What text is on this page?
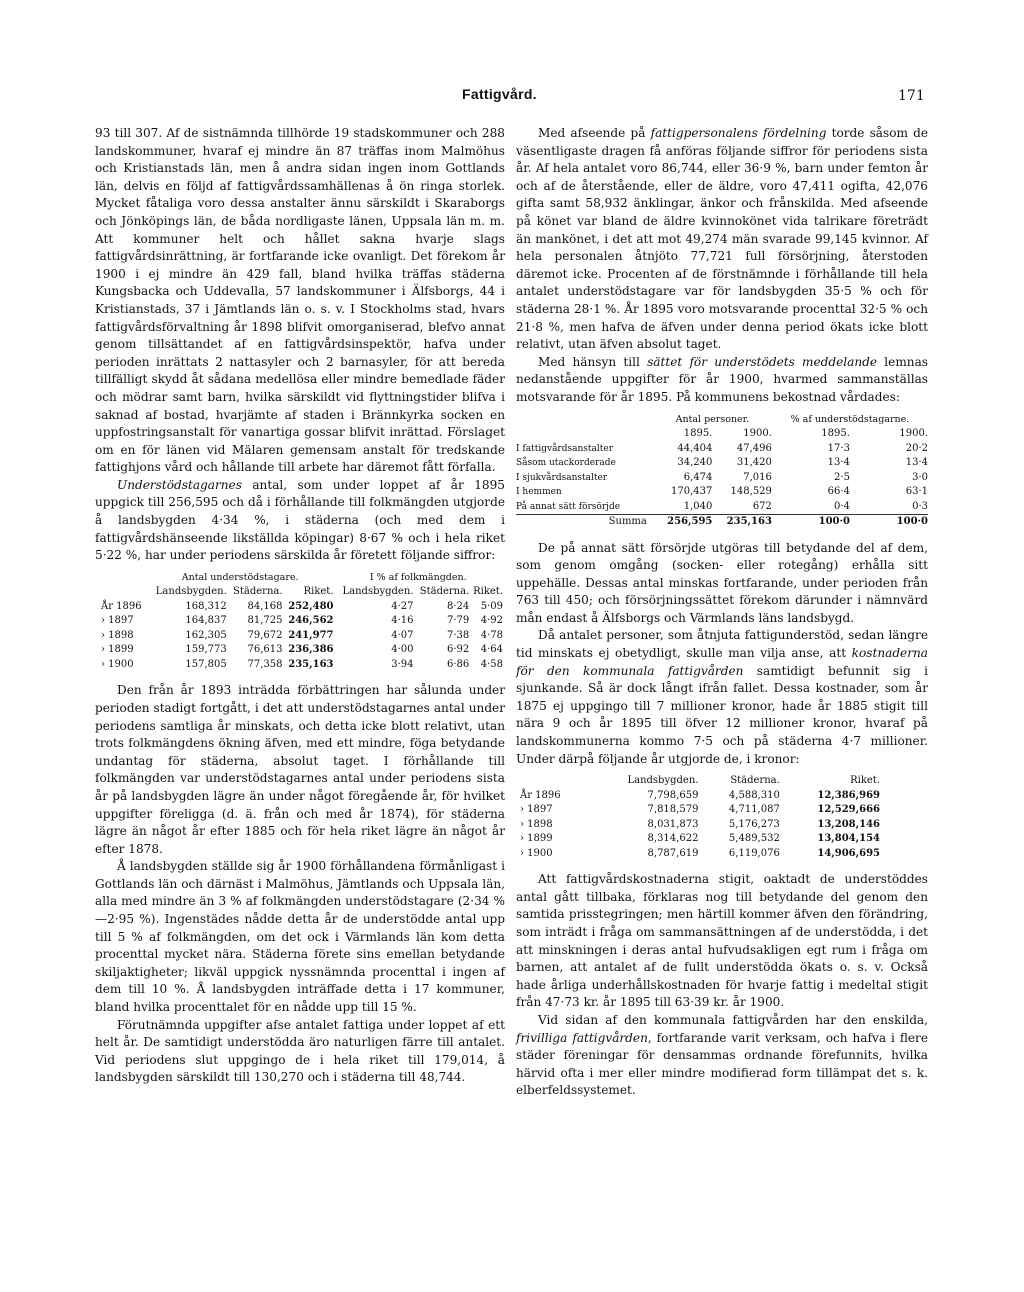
Fattigvård.	171

93 till 307. Af de sistnämnda tillhörde 19 stadskommuner och 288 landskommuner, hvaraf ej mindre än 87 träffas inom Malmöhus och Kristianstads län, men å andra sidan ingen inom Gottlands län, delvis en följd af fattigvårdssamhällenas å ön ringa storlek. Mycket fåtaliga voro dessa anstalter ännu särskildt i Skaraborgs och Jönköpings län, de båda nordligaste länen, Uppsala län m. m. Att kommuner helt och hållet sakna hvarje slags fattigvårdsinrättning, är fortfarande icke ovanligt. Det förekom år 1900 i ej mindre än 429 fall, bland hvilka träffas städerna Kungsbacka och Uddevalla, 57 landskommuner i Älfsborgs, 44 i Kristianstads, 37 i Jämtlands län o. s. v. I Stockholms stad, hvars fattigvårdsförvaltning år 1898 blifvit omorganiserad, blefvo annat genom tillsättandet af en fattigvårdsinspektör, hafva under perioden inrättats 2 nattasyler och 2 barnasyler, för att bereda tillfälligt skydd åt sådana medellösa eller mindre bemedlade fäder och mödrar samt barn, hvilka särskildt vid flyttningstider blifva i saknad af bostad, hvarjämte af staden i Brännkyrka socken en uppfostringsanstalt för vanartiga gossar blifvit inrättad. Förslaget om en för länen vid Mälaren gemensam anstalt för tredskande fattighjons vård och hållande till arbete har däremot fått förfalla.

Understödstagarnes antal, som under loppet af år 1895 uppgick till 256,595 och då i förhållande till folkmängden utgjorde å landsbygden 4·34 %, i städerna (och med dem i fattigvårdshänseende likställda köpingar) 8·67 % och i hela riket 5·22 %, har under periodens särskilda år företett följande siffror:

	Antal understödstagare.			I % af folkmängden.		
	Landsbygden.	Städerna.	Riket.	Landsbygden.	Städerna.	Riket.
År 1896	168,312	84,168	252,480	4·27	8·24	5·09
› 1897	164,837	81,725	246,562	4·16	7·79	4·92
› 1898	162,305	79,672	241,977	4·07	7·38	4·78
› 1899	159,773	76,613	236,386	4·00	6·92	4·64
› 1900	157,805	77,358	235,163	3·94	6·86	4·58

Den från år 1893 inträdda förbättringen har sålunda under perioden stadigt fortgått, i det att understödstagarnes antal under periodens samtliga år minskats, och detta icke blott relativt, utan trots folkmängdens ökning äfven, med ett mindre, föga betydande undantag för städerna, absolut taget. I förhållande till folkmängden var understödstagarnes antal under periodens sista år på landsbygden lägre än under något föregående år, för hvilket uppgifter föreligga (d. ä. från och med år 1874), för städerna lägre än något år efter 1885 och för hela riket lägre än något år efter 1878.

Å landsbygden ställde sig år 1900 förhållandena förmånligast i Gottlands län och därnäst i Malmöhus, Jämtlands och Uppsala län, alla med mindre än 3 % af folkmängden understödstagare (2·34 %—2·95 %). Ingenstädes nådde detta år de understödde antal upp till 5 % af folkmängden, om det ock i Värmlands län kom detta procenttal mycket nära. Städerna förete sins emellan betydande skiljaktigheter; likväl uppgick nyssnämnda procenttal i ingen af dem till 10 %. Å landsbygden inträffade detta i 17 kommuner, bland hvilka procenttalet för en nådde upp till 15 %.

Förutnämnda uppgifter afse antalet fattiga under loppet af ett helt år. De samtidigt understödda äro naturligen färre till antalet. Vid periodens slut uppgingo de i hela riket till 179,014, å landsbygden särskildt till 130,270 och i städerna till 48,744.

Med afseende på fattigpersonalens fördelning torde såsom de väsentligaste dragen få anföras följande siffror för periodens sista år. Af hela antalet voro 86,744, eller 36·9 %, barn under femton år och af de återstående, eller de äldre, voro 47,411 ogifta, 42,076 gifta samt 58,932 änklingar, änkor och frånskilda. Med afseende på könet var bland de äldre kvinnokönet vida talrikare företrädt än mankönet, i det att mot 49,274 män svarade 99,145 kvinnor. Af hela personalen åtnjöto 77,721 full försörjning, återstoden däremot icke. Procenten af de förstnämnde i förhållande till hela antalet understödstagare var för landsbygden 35·5 % och för städerna 28·1 %. År 1895 voro motsvarande procenttal 32·5 % och 21·8 %, men hafva de äfven under denna period ökats icke blott relativt, utan äfven absolut taget.

Med hänsyn till sättet för understödets meddelande lemnas nedanstående uppgifter för år 1900, hvarmed sammanställas motsvarande för år 1895. På kommunens bekostnad vårdades:

	Antal personer.		% af understödstagarne.	
	1895.	1900.	1895.	1900.
I fattigvårdsanstalter	44,404	47,496	17·3	20·2
Såsom utackorderade	34,240	31,420	13·4	13·4
I sjukvårdsanstalter	6,474	7,016	2·5	3·0
I hemmen	170,437	148,529	66·4	63·1
På annat sätt försörjde	1,040	672	0·4	0·3
Summa	256,595	235,163	100·0	100·0

De på annat sätt försörjde utgöras till betydande del af dem, som genom omgång (socken- eller rotegång) erhålla sitt uppehälle. Dessas antal minskas fortfarande, under perioden från 763 till 450; och försörjningssättet förekom därunder i nämnvärd mån endast å Älfsborgs och Värmlands läns landsbygd.

Då antalet personer, som åtnjuta fattigunderstöd, sedan längre tid minskats ej obetydligt, skulle man vilja anse, att kostnaderna för den kommunala fattigvården samtidigt befunnit sig i sjunkande. Så är dock långt ifrån fallet. Dessa kostnader, som år 1875 ej uppgingo till 7 millioner kronor, hade år 1885 stigit till nära 9 och år 1895 till öfver 12 millioner kronor, hvaraf på landskommunerna kommo 7·5 och på städerna 4·7 millioner. Under därpå följande år utgjorde de, i kronor:

	Landsbygden.	Städerna.	Riket.
År 1896	7,798,659	4,588,310	12,386,969
› 1897	7,818,579	4,711,087	12,529,666
› 1898	8,031,873	5,176,273	13,208,146
› 1899	8,314,622	5,489,532	13,804,154
› 1900	8,787,619	6,119,076	14,906,695

Att fattigvårdskostnaderna stigit, oaktadt de understöddes antal gått tillbaka, förklaras nog till betydande del genom den samtida prisstegringen; men härtill kommer äfven den förändring, som inträdt i fråga om sammansättningen af de understödda, i det att minskningen i deras antal hufvudsakligen egt rum i fråga om barnen, att antalet af de fullt understödda ökats o. s. v. Också hade årliga underhållskostnaden för hvarje fattig i medeltal stigit från 47·73 kr. år 1895 till 63·39 kr. år 1900.

Vid sidan af den kommunala fattigvården har den enskilda, frivilliga fattigvården, fortfarande varit verksam, och hafva i flere städer föreningar för densammas ordnande förefunnits, hvilka härvid ofta i mer eller mindre modifierad form tillämpat det s. k. elberfeldssystemet.
